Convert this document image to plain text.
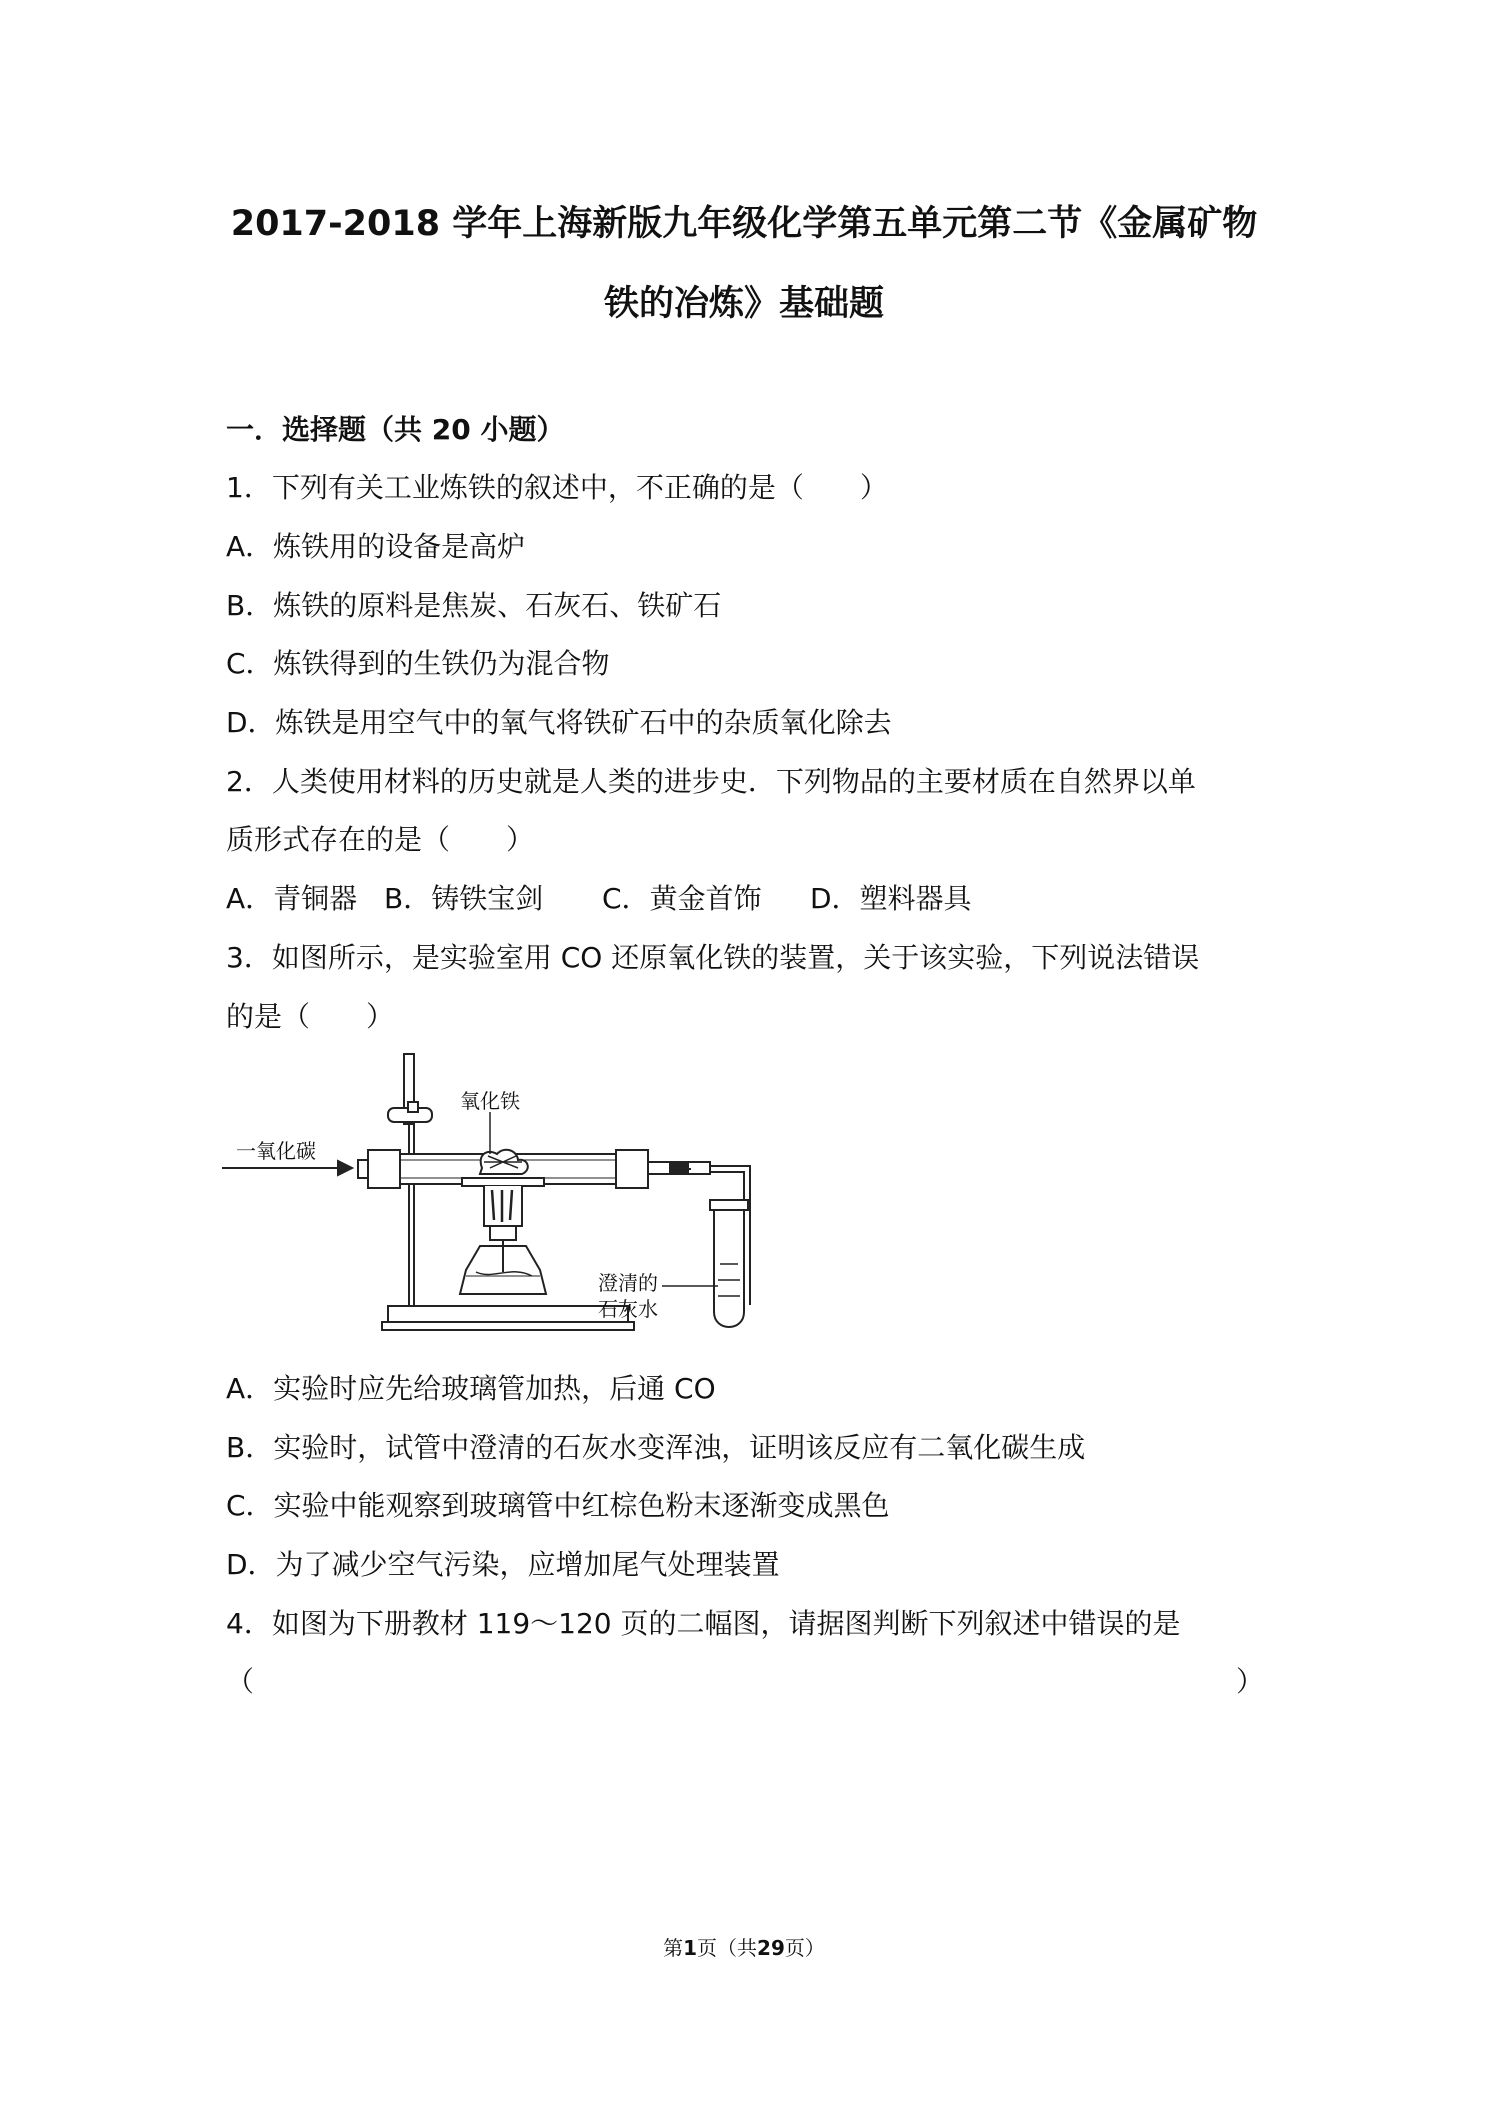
2017-2018 学年上海新版九年级化学第五单元第二节《金属矿物
铁的冶炼》基础题
一．选择题（共 20 小题）
1．下列有关工业炼铁的叙述中，不正确的是（　　）
A．炼铁用的设备是高炉
B．炼铁的原料是焦炭、石灰石、铁矿石
C．炼铁得到的生铁仍为混合物
D．炼铁是用空气中的氧气将铁矿石中的杂质氧化除去
2．人类使用材料的历史就是人类的进步史．下列物品的主要材质在自然界以单
质形式存在的是（　　）
A．青铜器 B．铸铁宝剑 C．黄金首饰 D．塑料器具
3．如图所示，是实验室用 CO 还原氧化铁的装置，关于该实验，下列说法错误
的是（　　）
一氧化碳
氧化铁
澄清的
石灰水
A．实验时应先给玻璃管加热，后通 CO
B．实验时，试管中澄清的石灰水变浑浊，证明该反应有二氧化碳生成
C．实验中能观察到玻璃管中红棕色粉末逐渐变成黑色
D．为了减少空气污染，应增加尾气处理装置
4．如图为下册教材 119～120 页的二幅图，请据图判断下列叙述中错误的是
（	）
第1页（共29页）
